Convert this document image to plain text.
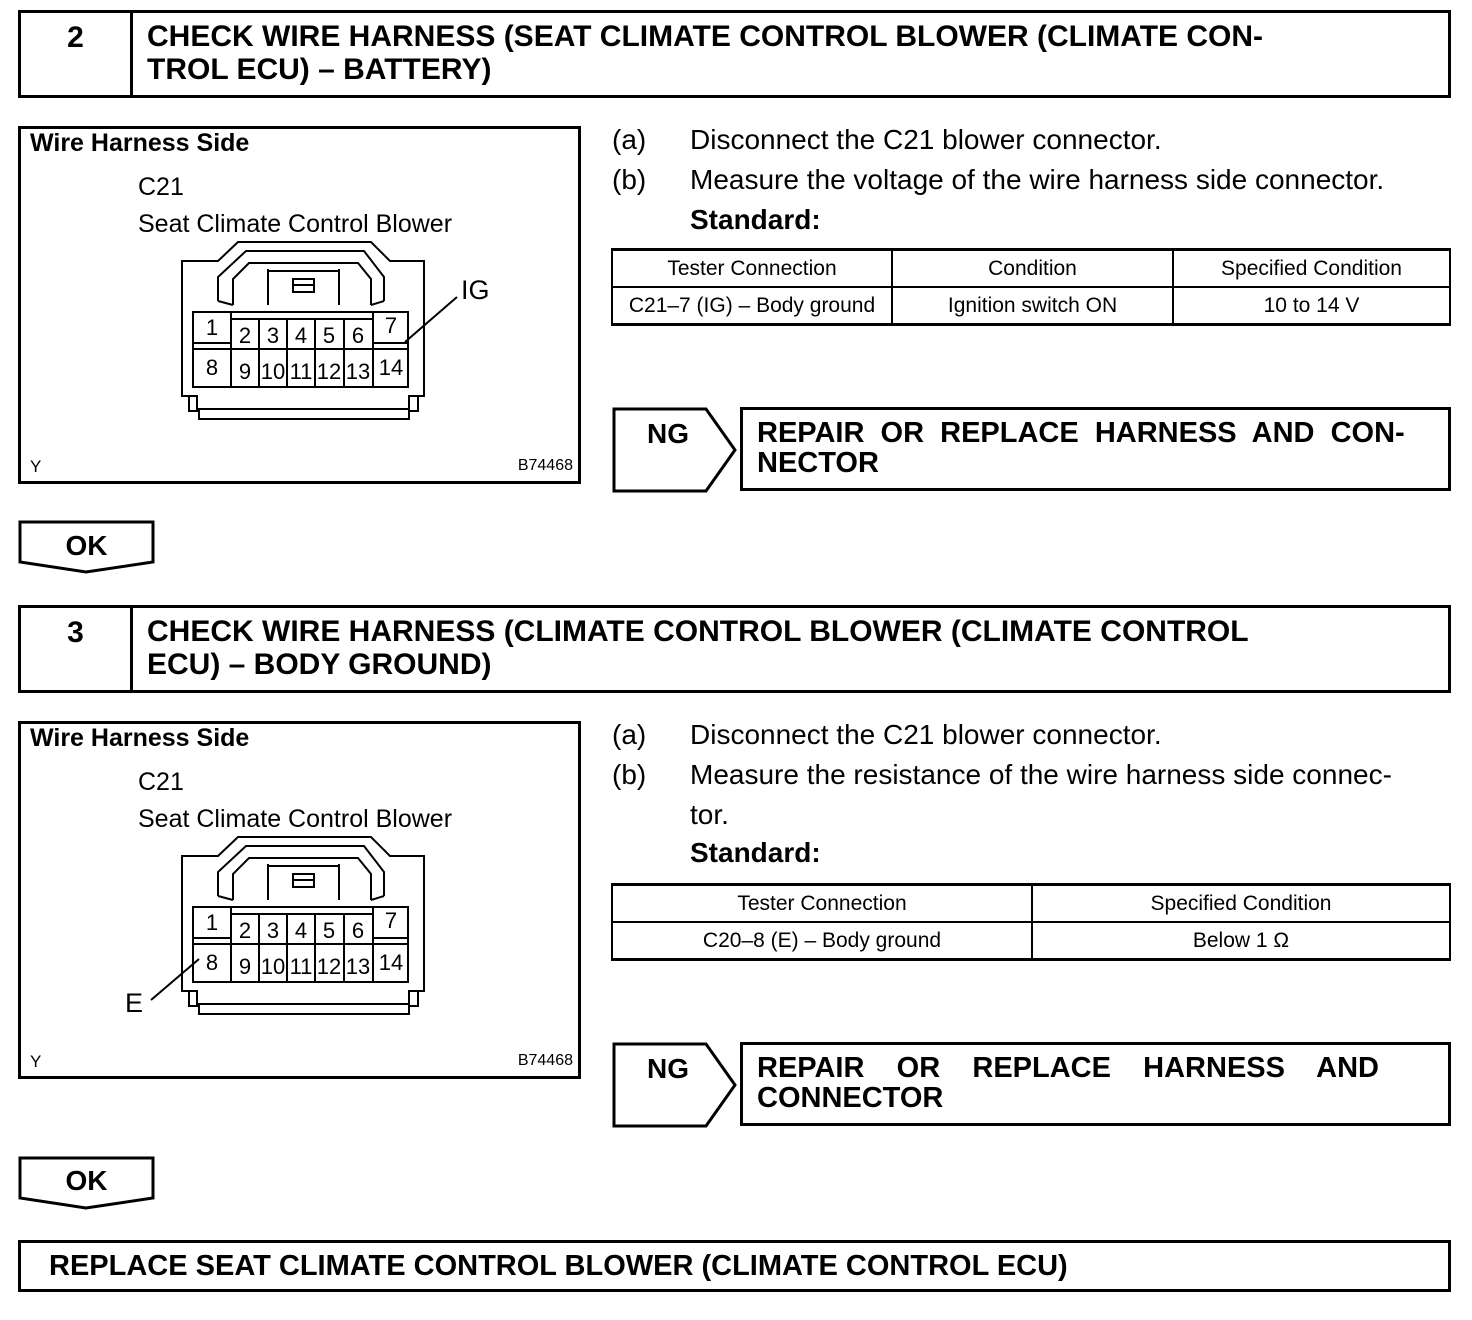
2	CHECK WIRE HARNESS (SEAT CLIMATE CONTROL BLOWER (CLIMATE CON-
TROL ECU) – BATTERY)
Wire Harness Side
C21
Seat Climate Control Blower
1 2 3 4 5 6 7
8 9 10 11 12 13 14
IG
Y	B74468
(a) Disconnect the C21 blower connector.
(b) Measure the voltage of the wire harness side connector.
Standard:
Tester Connection	Condition	Specified Condition
C21–7 (IG) – Body ground	Ignition switch ON	10 to 14 V
NG REPAIR  OR  REPLACE  HARNESS  AND  CON-
NECTOR
OK
3	CHECK WIRE HARNESS (CLIMATE CONTROL BLOWER (CLIMATE CONTROL
ECU) – BODY GROUND)
Wire Harness Side
C21
Seat Climate Control Blower
1 2 3 4 5 6 7
8 9 10 11 12 13 14
E
Y	B74468
(a) Disconnect the C21 blower connector.
(b) Measure the resistance of the wire harness side connec-
tor.
Standard:
Tester Connection	Specified Condition
C20–8 (E) – Body ground	Below 1 Ω
NG REPAIR    OR    REPLACE    HARNESS    AND
CONNECTOR
OK
REPLACE SEAT CLIMATE CONTROL BLOWER (CLIMATE CONTROL ECU)
